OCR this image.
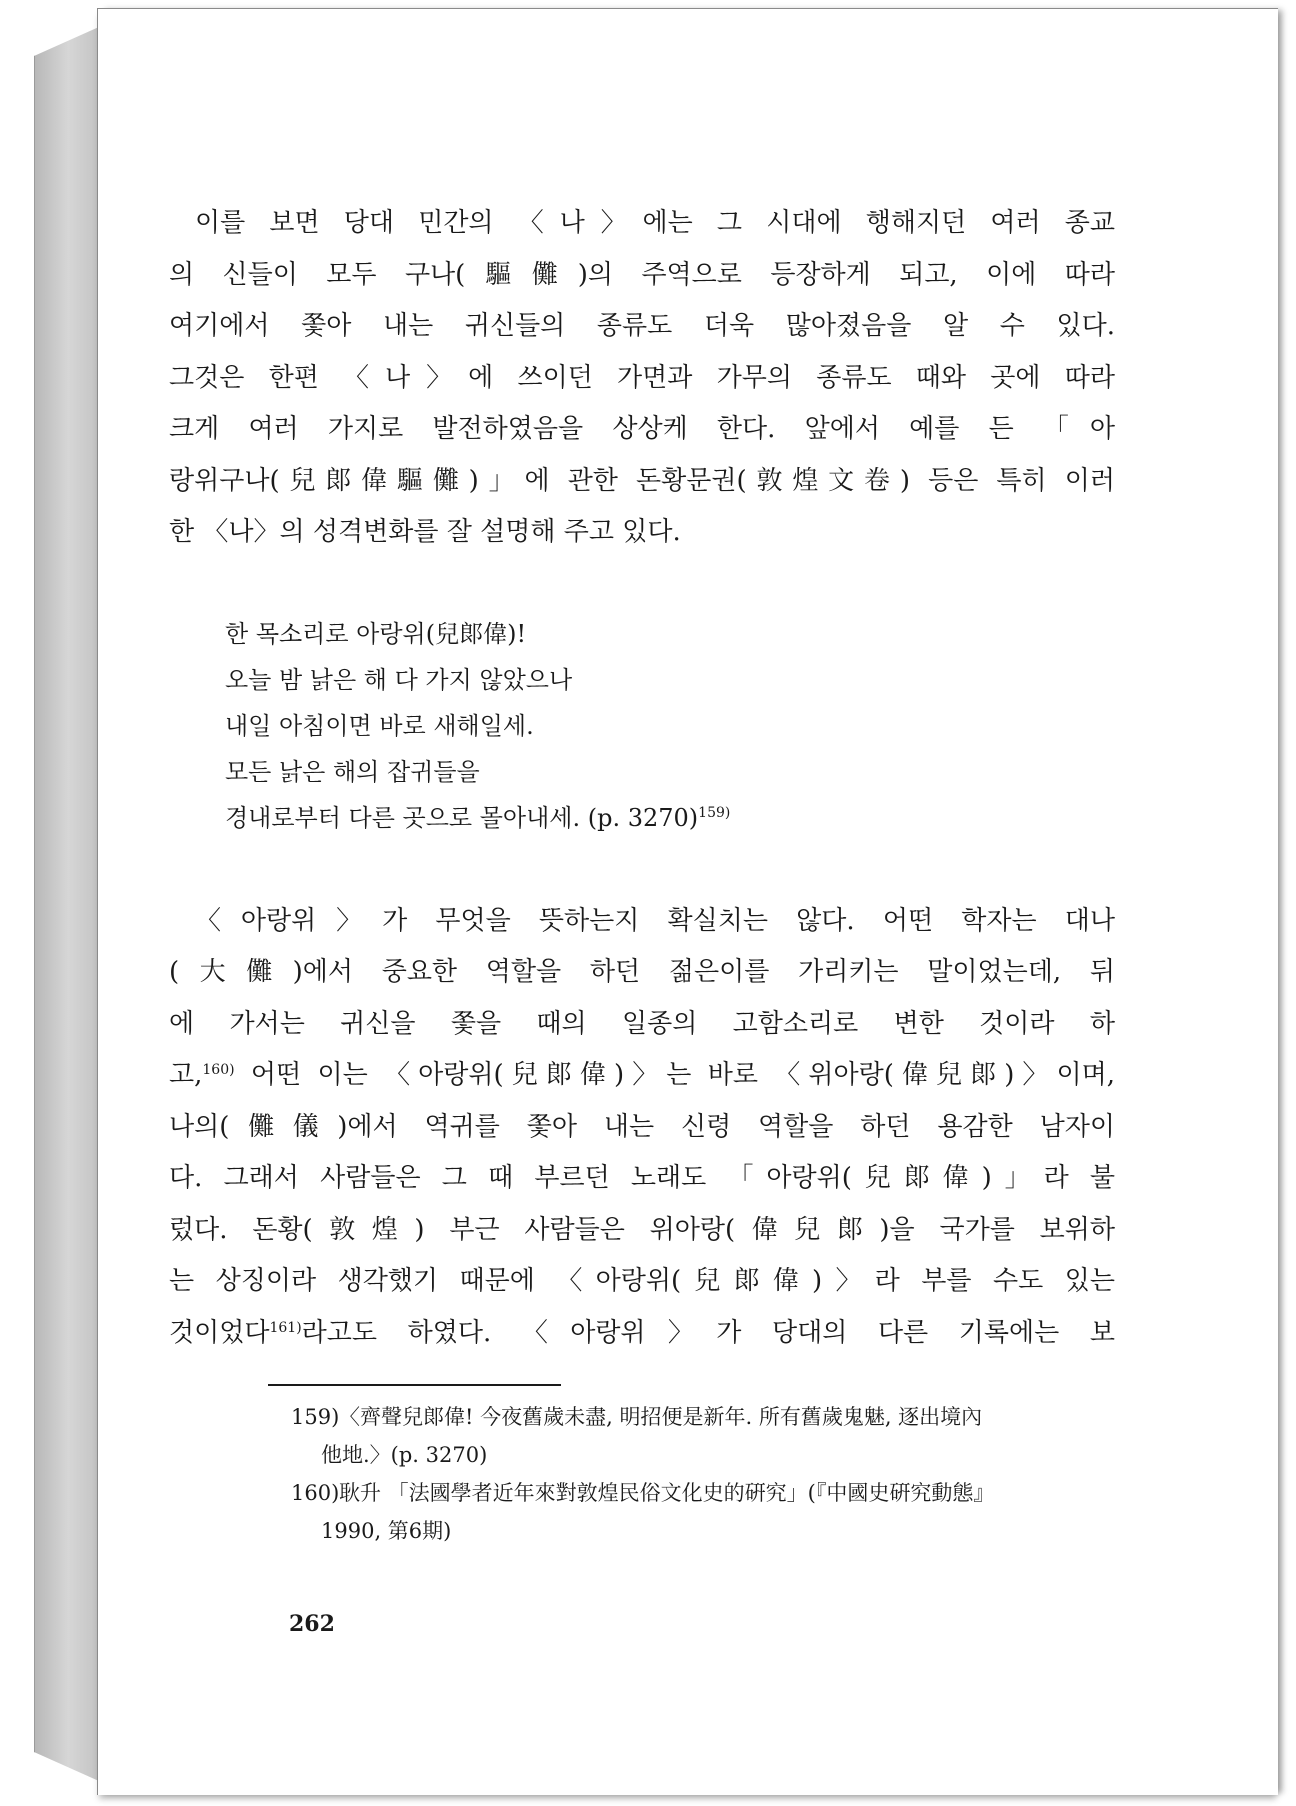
이를 보면 당대 민간의 〈나〉에는 그 시대에 행해지던 여러 종교
의 신들이 모두 구나(驅儺)의 주역으로 등장하게 되고, 이에 따라
여기에서 쫓아 내는 귀신들의 종류도 더욱 많아졌음을 알 수 있다.
그것은 한편 〈나〉에 쓰이던 가면과 가무의 종류도 때와 곳에 따라
크게 여러 가지로 발전하였음을 상상케 한다. 앞에서 예를 든 「아
랑위구나(兒郞偉驅儺)」에 관한 돈황문권(敦煌文卷) 등은 특히 이러
한 〈나〉의 성격변화를 잘 설명해 주고 있다.
한 목소리로 아랑위(兒郞偉)!
오늘 밤 낡은 해 다 가지 않았으나
내일 아침이면 바로 새해일세.
모든 낡은 해의 잡귀들을
경내로부터 다른 곳으로 몰아내세. (p. 3270)$^{159)}$
〈아랑위〉가 무엇을 뜻하는지 확실치는 않다. 어떤 학자는 대나
(大儺)에서 중요한 역할을 하던 젊은이를 가리키는 말이었는데, 뒤
에 가서는 귀신을 쫓을 때의 일종의 고함소리로 변한 것이라 하
고,$^{160)}$ 어떤 이는 〈아랑위(兒郞偉)〉는 바로 〈위아랑(偉兒郞)〉이며,
나의(儺儀)에서 역귀를 쫓아 내는 신령 역할을 하던 용감한 남자이
다. 그래서 사람들은 그 때 부르던 노래도 「아랑위(兒郞偉)」라 불
렀다. 돈황(敦煌) 부근 사람들은 위아랑(偉兒郞)을 국가를 보위하
는 상징이라 생각했기 때문에 〈아랑위(兒郞偉)〉라 부를 수도 있는
것이었다$^{161)}$라고도 하였다. 〈아랑위〉가 당대의 다른 기록에는 보
159)〈齊聲兒郞偉! 今夜舊歲未盡, 明招便是新年. 所有舊歲鬼魅, 逐出境內
他地.〉(p. 3270)
160)耿升 「法國學者近年來對敦煌民俗文化史的硏究」(『中國史硏究動態』
1990, 第6期)
262
